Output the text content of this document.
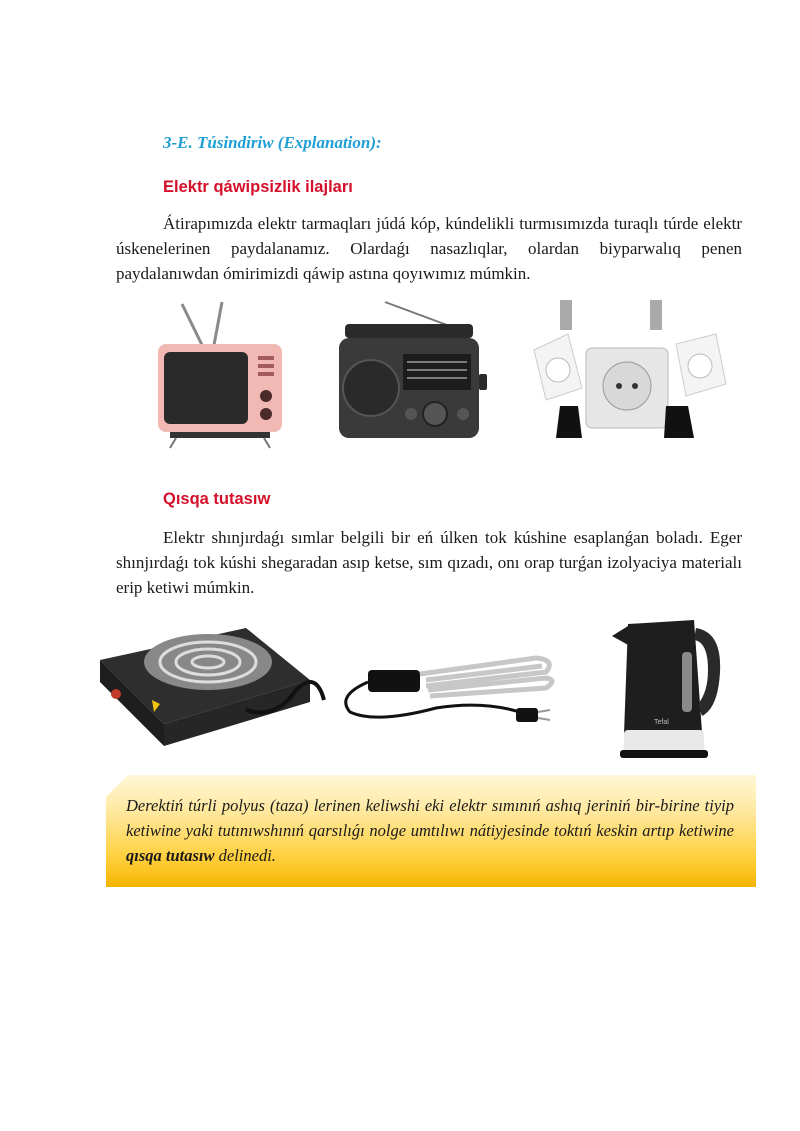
3-E. Túsindiriw (Explanation):
Elektr qáwipsizlik ilajları

Átirapımızda elektr tarmaqları júdá kóp, kúndelikli turmısımızda turaqlı túrde elektr úskenelerinen paydalanamız. Olardaǵı nasazlıqlar, olardan biyparwalıq penen paydalanıwdan ómirimizdi qáwip astına qoyıwımız múmkin.

Qısqa tutasıw

Elektr shınjırdaǵı sımlar belgili bir eń úlken tok kúshine esaplanǵan boladı. Eger shınjırdaǵı tok kúshi shegaradan asıp ketse, sım qızadı, onı orap turǵan izolyaciya materialı erip ketiwi múmkin.

Tefal

Derektiń túrli polyus (taza) lerinen keliwshi eki elektr sımınıń ashıq jeriniń bir-birine tiyip ketiwine yaki tutınıwshınıń qarsılıǵı nolge umtılıwı nátiyjesinde toktıń keskin artıp ketiwine qısqa tutasıw delinedi.
